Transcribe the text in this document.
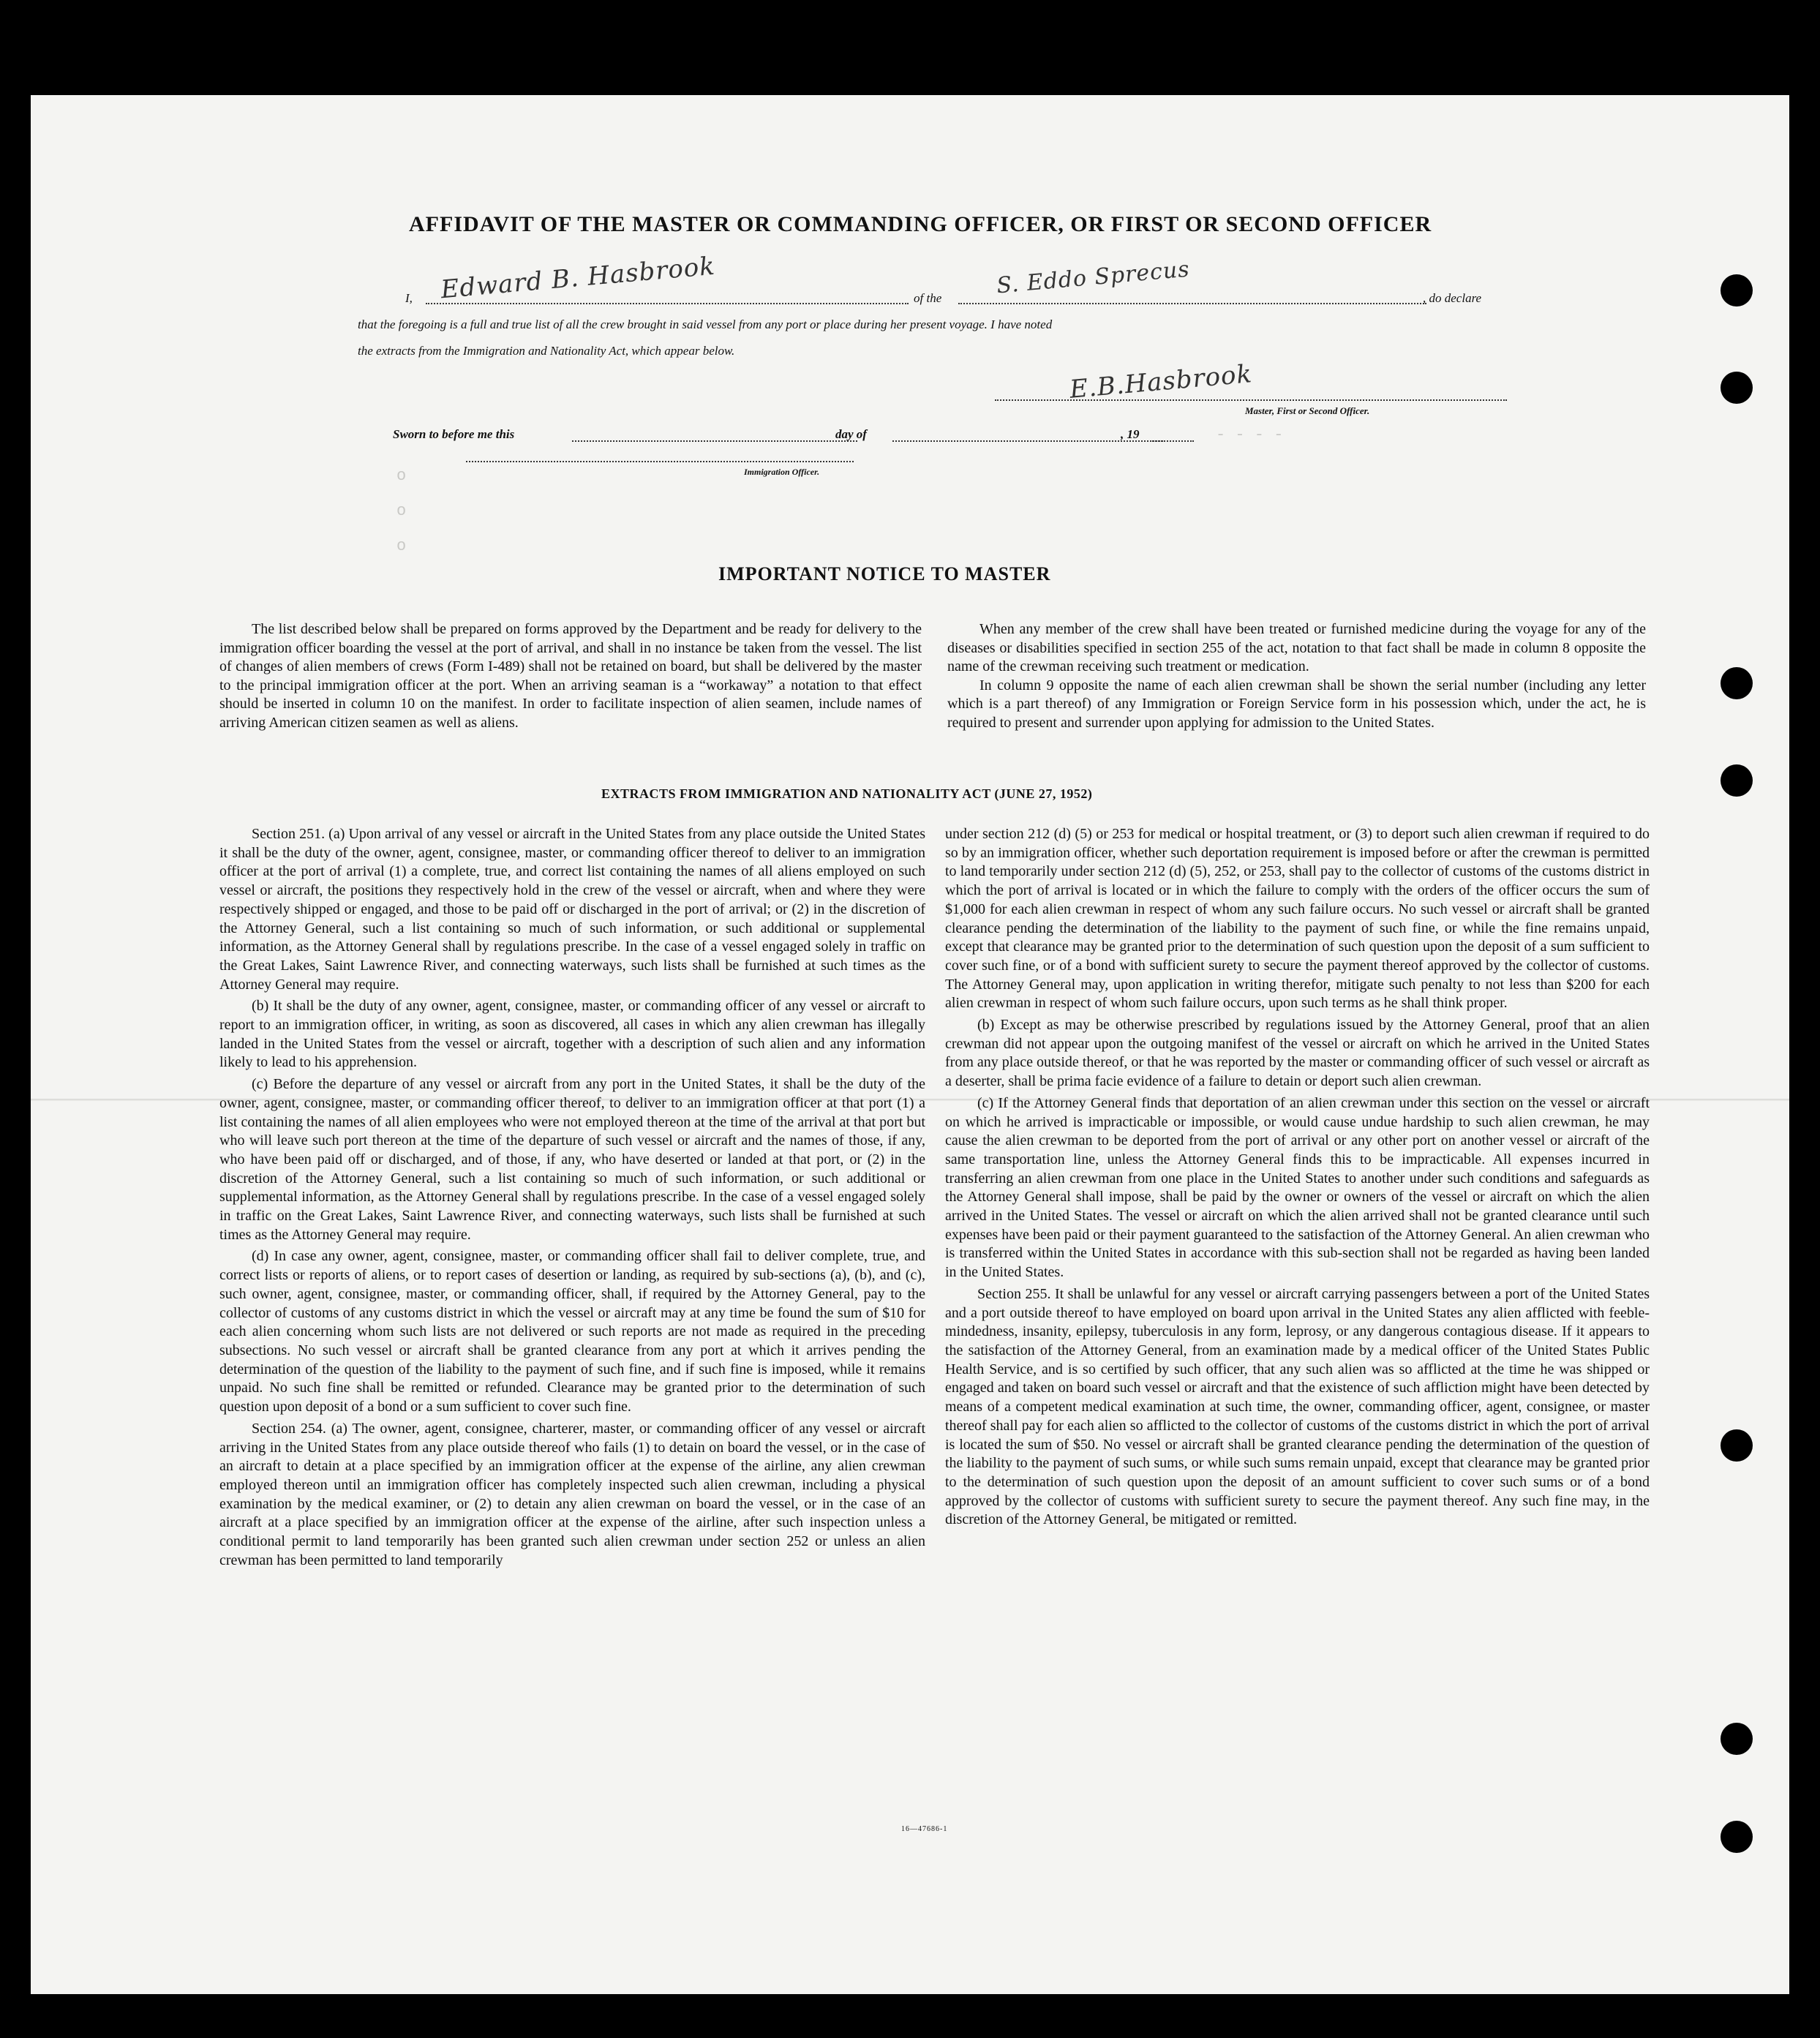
AFFIDAVIT OF THE MASTER OR COMMANDING OFFICER, OR FIRST OR SECOND OFFICER
I, Edward B. Hasbrook	of the S. Eddo Sprecus	, do declare
that the foregoing is a full and true list of all the crew brought in said vessel from any port or place during her present voyage. I have noted
the extracts from the Immigration and Nationality Act, which appear below.
E.B.Hasbrook
Master, First or Second Officer.
Sworn to before me this	day of	, 19
Immigration Officer.
- - - -
o
o
o
IMPORTANT NOTICE TO MASTER

The list described below shall be prepared on forms approved by the Department and be ready for delivery to the immigration officer boarding the vessel at the port of arrival, and shall in no instance be taken from the vessel. The list of changes of alien members of crews (Form I-489) shall not be retained on board, but shall be delivered by the master to the principal immigration officer at the port. When an arriving seaman is a “workaway” a notation to that effect should be inserted in column 10 on the manifest. In order to facilitate inspection of alien seamen, include names of arriving American citizen seamen as well as aliens.

When any member of the crew shall have been treated or furnished medicine during the voyage for any of the diseases or disabilities specified in section 255 of the act, notation to that fact shall be made in column 8 opposite the name of the crewman receiving such treatment or medication.

In column 9 opposite the name of each alien crewman shall be shown the serial number (including any letter which is a part thereof) of any Immigration or Foreign Service form in his possession which, under the act, he is required to present and surrender upon applying for admission to the United States.

EXTRACTS FROM IMMIGRATION AND NATIONALITY ACT (JUNE 27, 1952)

Section 251. (a) Upon arrival of any vessel or aircraft in the United States from any place outside the United States it shall be the duty of the owner, agent, consignee, master, or commanding officer thereof to deliver to an immigration officer at the port of arrival (1) a complete, true, and correct list containing the names of all aliens employed on such vessel or aircraft, the positions they respectively hold in the crew of the vessel or aircraft, when and where they were respectively shipped or engaged, and those to be paid off or discharged in the port of arrival; or (2) in the discretion of the Attorney General, such a list containing so much of such information, or such additional or supplemental information, as the Attorney General shall by regulations prescribe. In the case of a vessel engaged solely in traffic on the Great Lakes, Saint Lawrence River, and connecting waterways, such lists shall be furnished at such times as the Attorney General may require.

(b) It shall be the duty of any owner, agent, consignee, master, or commanding officer of any vessel or aircraft to report to an immigration officer, in writing, as soon as discovered, all cases in which any alien crewman has illegally landed in the United States from the vessel or aircraft, together with a description of such alien and any information likely to lead to his apprehension.

(c) Before the departure of any vessel or aircraft from any port in the United States, it shall be the duty of the owner, agent, consignee, master, or commanding officer thereof, to deliver to an immigration officer at that port (1) a list containing the names of all alien employees who were not employed thereon at the time of the arrival at that port but who will leave such port thereon at the time of the departure of such vessel or aircraft and the names of those, if any, who have been paid off or discharged, and of those, if any, who have deserted or landed at that port, or (2) in the discretion of the Attorney General, such a list containing so much of such information, or such additional or supplemental information, as the Attorney General shall by regulations prescribe. In the case of a vessel engaged solely in traffic on the Great Lakes, Saint Lawrence River, and connecting waterways, such lists shall be furnished at such times as the Attorney General may require.

(d) In case any owner, agent, consignee, master, or commanding officer shall fail to deliver complete, true, and correct lists or reports of aliens, or to report cases of desertion or landing, as required by sub-sections (a), (b), and (c), such owner, agent, consignee, master, or commanding officer, shall, if required by the Attorney General, pay to the collector of customs of any customs district in which the vessel or aircraft may at any time be found the sum of $10 for each alien concerning whom such lists are not delivered or such reports are not made as required in the preceding subsections. No such vessel or aircraft shall be granted clearance from any port at which it arrives pending the determination of the question of the liability to the payment of such fine, and if such fine is imposed, while it remains unpaid. No such fine shall be remitted or refunded. Clearance may be granted prior to the determination of such question upon deposit of a bond or a sum sufficient to cover such fine.

Section 254. (a) The owner, agent, consignee, charterer, master, or commanding officer of any vessel or aircraft arriving in the United States from any place outside thereof who fails (1) to detain on board the vessel, or in the case of an aircraft to detain at a place specified by an immigration officer at the expense of the airline, any alien crewman employed thereon until an immigration officer has completely inspected such alien crewman, including a physical examination by the medical examiner, or (2) to detain any alien crewman on board the vessel, or in the case of an aircraft at a place specified by an immigration officer at the expense of the airline, after such inspection unless a conditional permit to land temporarily has been granted such alien crewman under section 252 or unless an alien crewman has been permitted to land temporarily

under section 212 (d) (5) or 253 for medical or hospital treatment, or (3) to deport such alien crewman if required to do so by an immigration officer, whether such deportation requirement is imposed before or after the crewman is permitted to land temporarily under section 212 (d) (5), 252, or 253, shall pay to the collector of customs of the customs district in which the port of arrival is located or in which the failure to comply with the orders of the officer occurs the sum of $1,000 for each alien crewman in respect of whom any such failure occurs. No such vessel or aircraft shall be granted clearance pending the determination of the liability to the payment of such fine, or while the fine remains unpaid, except that clearance may be granted prior to the determination of such question upon the deposit of a sum sufficient to cover such fine, or of a bond with sufficient surety to secure the payment thereof approved by the collector of customs. The Attorney General may, upon application in writing therefor, mitigate such penalty to not less than $200 for each alien crewman in respect of whom such failure occurs, upon such terms as he shall think proper.

(b) Except as may be otherwise prescribed by regulations issued by the Attorney General, proof that an alien crewman did not appear upon the outgoing manifest of the vessel or aircraft on which he arrived in the United States from any place outside thereof, or that he was reported by the master or commanding officer of such vessel or aircraft as a deserter, shall be prima facie evidence of a failure to detain or deport such alien crewman.

(c) If the Attorney General finds that deportation of an alien crewman under this section on the vessel or aircraft on which he arrived is impracticable or impossible, or would cause undue hardship to such alien crewman, he may cause the alien crewman to be deported from the port of arrival or any other port on another vessel or aircraft of the same transportation line, unless the Attorney General finds this to be impracticable. All expenses incurred in transferring an alien crewman from one place in the United States to another under such conditions and safeguards as the Attorney General shall impose, shall be paid by the owner or owners of the vessel or aircraft on which the alien arrived in the United States. The vessel or aircraft on which the alien arrived shall not be granted clearance until such expenses have been paid or their payment guaranteed to the satisfaction of the Attorney General. An alien crewman who is transferred within the United States in accordance with this sub-section shall not be regarded as having been landed in the United States.

Section 255. It shall be unlawful for any vessel or aircraft carrying passengers between a port of the United States and a port outside thereof to have employed on board upon arrival in the United States any alien afflicted with feeble-mindedness, insanity, epilepsy, tuberculosis in any form, leprosy, or any dangerous contagious disease. If it appears to the satisfaction of the Attorney General, from an examination made by a medical officer of the United States Public Health Service, and is so certified by such officer, that any such alien was so afflicted at the time he was shipped or engaged and taken on board such vessel or aircraft and that the existence of such affliction might have been detected by means of a competent medical examination at such time, the owner, commanding officer, agent, consignee, or master thereof shall pay for each alien so afflicted to the collector of customs of the customs district in which the port of arrival is located the sum of $50. No vessel or aircraft shall be granted clearance pending the determination of the question of the liability to the payment of such sums, or while such sums remain unpaid, except that clearance may be granted prior to the determination of such question upon the deposit of an amount sufficient to cover such sums or of a bond approved by the collector of customs with sufficient surety to secure the payment thereof. Any such fine may, in the discretion of the Attorney General, be mitigated or remitted.

16—47686-1
